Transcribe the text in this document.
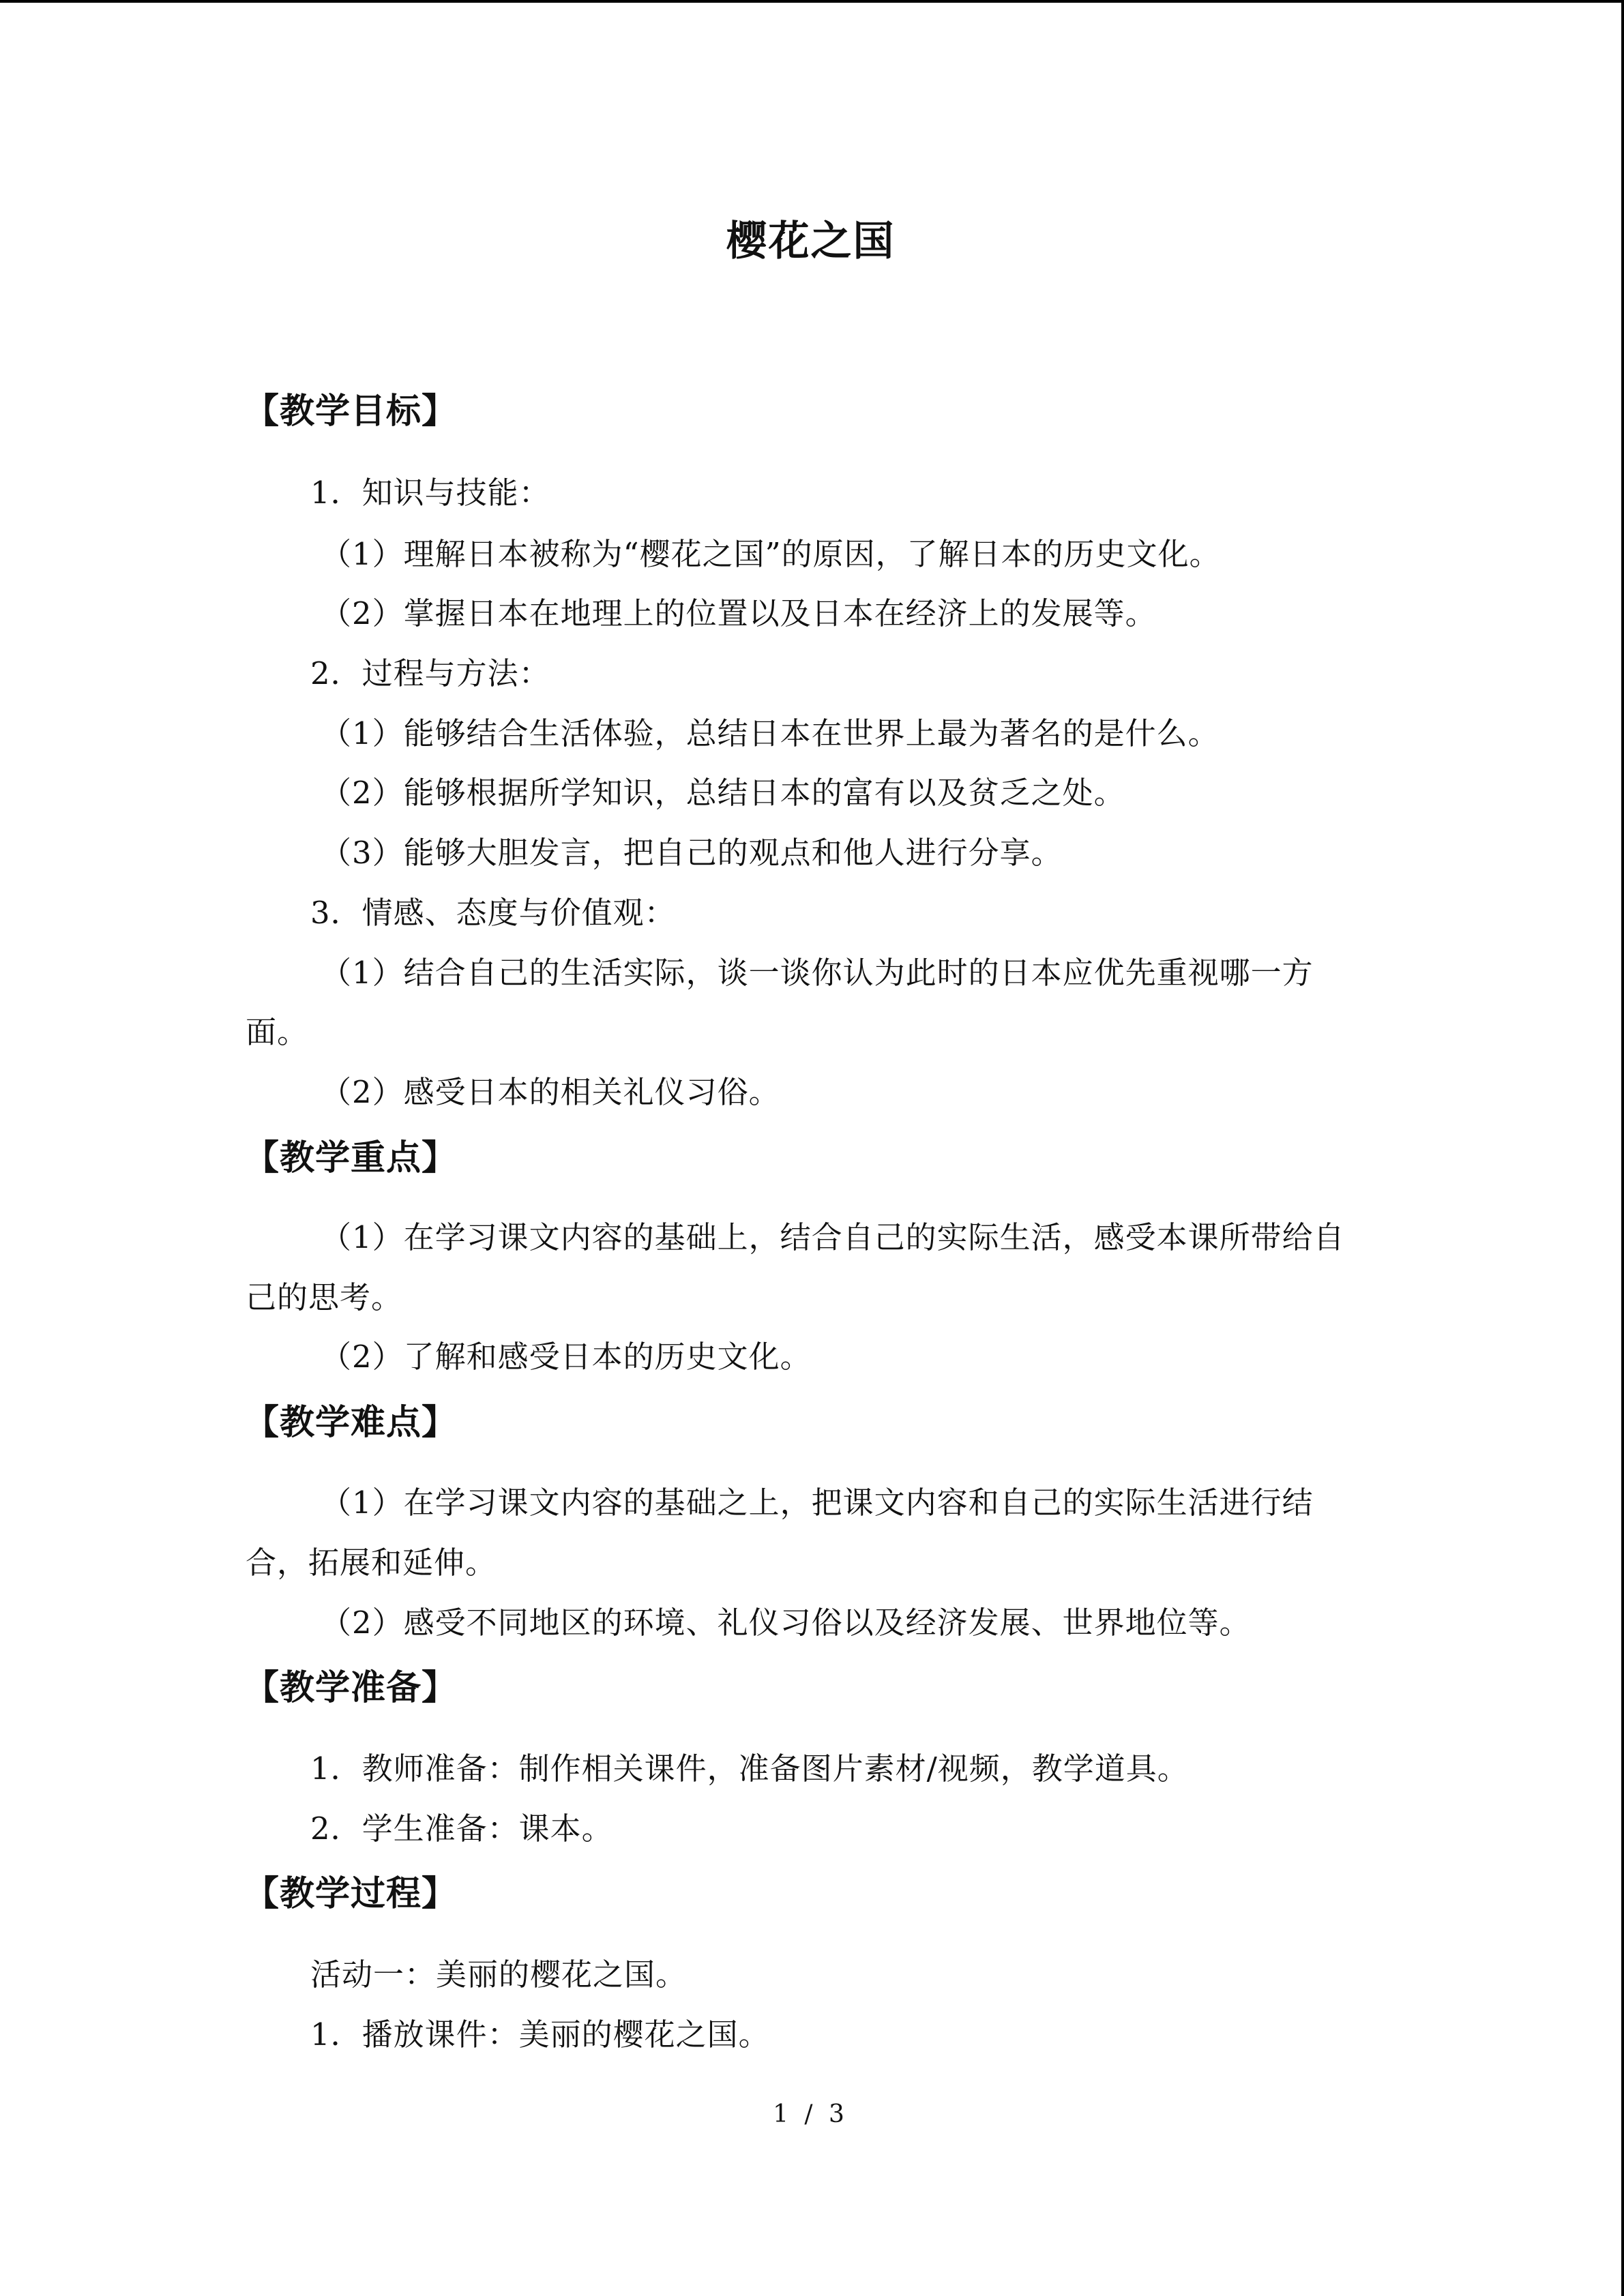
樱花之国
【教学目标】
1．知识与技能：
（1）理解日本被称为“樱花之国”的原因，了解日本的历史文化。
（2）掌握日本在地理上的位置以及日本在经济上的发展等。
2．过程与方法：
（1）能够结合生活体验，总结日本在世界上最为著名的是什么。
（2）能够根据所学知识，总结日本的富有以及贫乏之处。
（3）能够大胆发言，把自己的观点和他人进行分享。
3．情感、态度与价值观：
（1）结合自己的生活实际，谈一谈你认为此时的日本应优先重视哪一方
面。
（2）感受日本的相关礼仪习俗。
【教学重点】
（1）在学习课文内容的基础上，结合自己的实际生活，感受本课所带给自
己的思考。
（2）了解和感受日本的历史文化。
【教学难点】
（1）在学习课文内容的基础之上，把课文内容和自己的实际生活进行结
合，拓展和延伸。
（2）感受不同地区的环境、礼仪习俗以及经济发展、世界地位等。
【教学准备】
1．教师准备：制作相关课件，准备图片素材/视频，教学道具。
2．学生准备：课本。
【教学过程】
活动一：美丽的樱花之国。
1．播放课件：美丽的樱花之国。
1 / 3
